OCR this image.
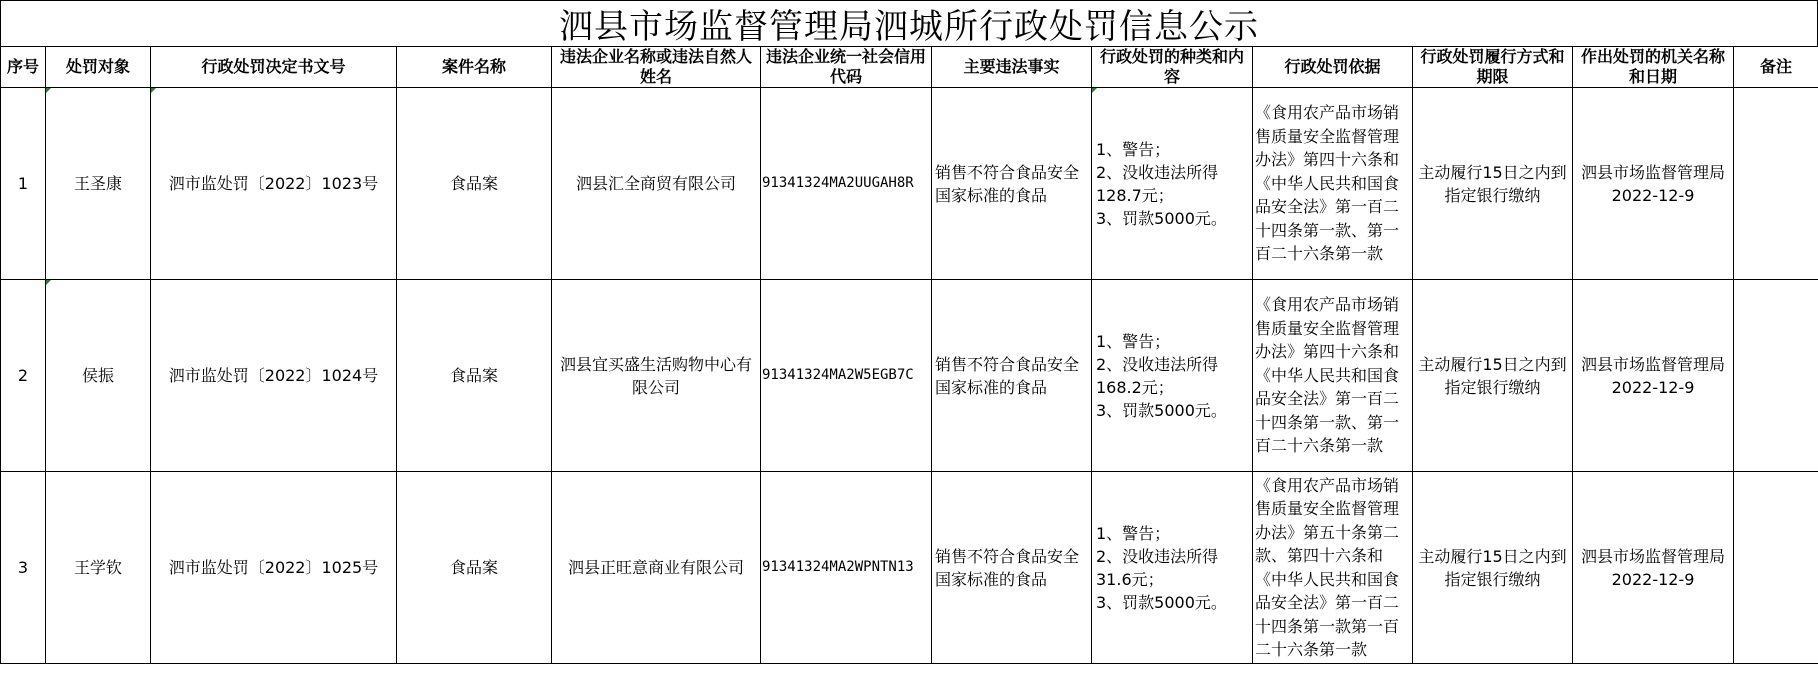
泗县市场监督管理局泗城所行政处罚信息公示
序号	处罚对象	行政处罚决定书文号	案件名称	违法企业名称或违法自然人姓名	违法企业统一社会信用代码	主要违法事实	行政处罚的种类和内容	行政处罚依据	行政处罚履行方式和期限	作出处罚的机关名称和日期	备注
1	王圣康	泗市监处罚〔2022〕1023号	食品案	泗县汇全商贸有限公司	91341324MA2UUGAH8R	销售不符合食品安全国家标准的食品	1、警告；
2、没收违法所得128.7元；
3、罚款5000元。	《食用农产品市场销售质量安全监督管理办法》第四十六条和《中华人民共和国食品安全法》第一百二十四条第一款、第一百二十六条第一款	主动履行15日之内到指定银行缴纳	泗县市场监督管理局2022-12-9	
2	侯振	泗市监处罚〔2022〕1024号	食品案	泗县宜买盛生活购物中心有限公司	91341324MA2W5EGB7C	销售不符合食品安全国家标准的食品	1、警告；
2、没收违法所得168.2元；
3、罚款5000元。	《食用农产品市场销售质量安全监督管理办法》第四十六条和《中华人民共和国食品安全法》第一百二十四条第一款、第一百二十六条第一款	主动履行15日之内到指定银行缴纳	泗县市场监督管理局2022-12-9	
3	王学钦	泗市监处罚〔2022〕1025号	食品案	泗县正旺意商业有限公司	91341324MA2WPNTN13	销售不符合食品安全国家标准的食品	1、警告；
2、没收违法所得31.6元；
3、罚款5000元。	《食用农产品市场销售质量安全监督管理办法》第五十条第二款、第四十六条和《中华人民共和国食品安全法》第一百二十四条第一款第一百二十六条第一款	主动履行15日之内到指定银行缴纳	泗县市场监督管理局2022-12-9	
